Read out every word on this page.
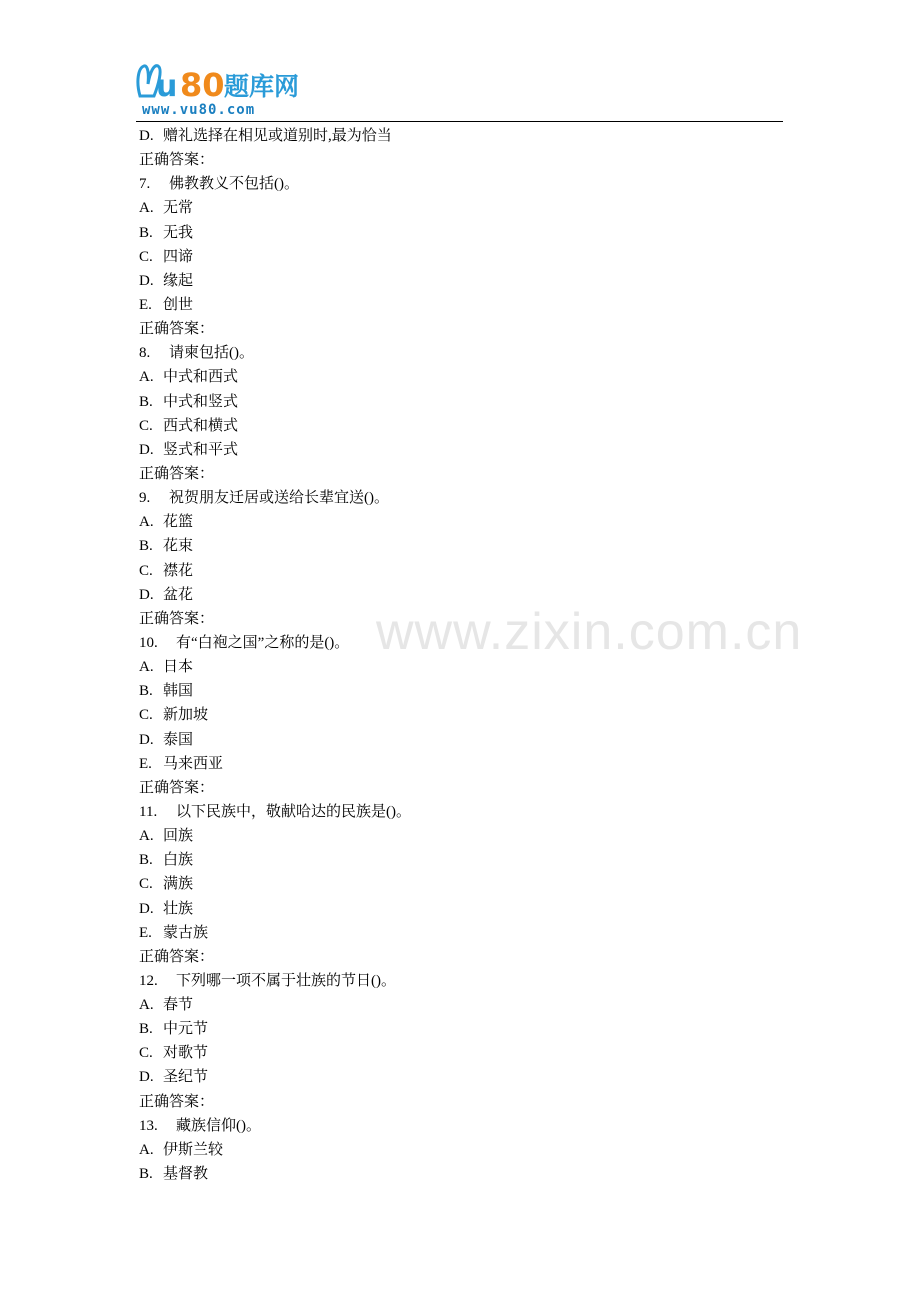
u 80 题库网
www.vu80.com
www.zixin.com.cn
D. 赠礼选择在相见或道别时,最为恰当
正确答案：
7. 佛教教义不包括()。
A. 无常
B. 无我
C. 四谛
D. 缘起
E. 创世
正确答案：
8. 请柬包括()。
A. 中式和西式
B. 中式和竖式
C. 西式和横式
D. 竖式和平式
正确答案：
9. 祝贺朋友迁居或送给长辈宜送()。
A. 花篮
B. 花束
C. 襟花
D. 盆花
正确答案：
10. 有“白袍之国”之称的是()。
A. 日本
B. 韩国
C. 新加坡
D. 泰国
E. 马来西亚
正确答案：
11. 以下民族中，敬献哈达的民族是()。
A. 回族
B. 白族
C. 满族
D. 壮族
E. 蒙古族
正确答案：
12. 下列哪一项不属于壮族的节日()。
A. 春节
B. 中元节
C. 对歌节
D. 圣纪节
正确答案：
13. 藏族信仰()。
A. 伊斯兰较
B. 基督教
